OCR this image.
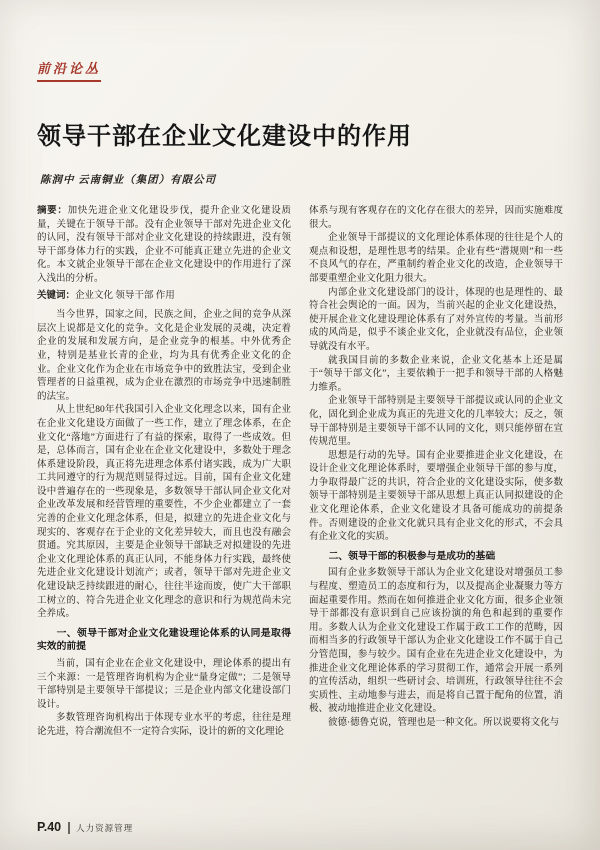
前沿论丛
领导干部在企业文化建设中的作用
陈润中 云南铜业（集团）有限公司

摘要：加快先进企业文化建设步伐，提升企业文化建设质量，关键在于领导干部。没有企业领导干部对先进企业文化的认同，没有领导干部对企业文化建设的持续跟进，没有领导干部身体力行的实践，企业不可能真正建立先进的企业文化。本文就企业领导干部在企业文化建设中的作用进行了深入浅出的分析。

关键词：企业文化 领导干部 作用

当今世界，国家之间，民族之间，企业之间的竞争从深层次上说都是文化的竞争。文化是企业发展的灵魂，决定着企业的发展和发展方向，是企业竞争的根基。中外优秀企业，特别是基业长青的企业，均为具有优秀企业文化的企业。企业文化作为企业在市场竞争中的致胜法宝，受到企业管理者的日益重视，成为企业在激烈的市场竞争中迅速制胜的法宝。

从上世纪80年代我国引入企业文化理念以来，国有企业在企业文化建设方面做了一些工作，建立了理念体系，在企业文化“落地”方面进行了有益的探索，取得了一些成效。但是，总体而言，国有企业在企业文化建设中，多数处于理念体系建设阶段，真正将先进理念体系付诸实践，成为广大职工共同遵守的行为规范则显得过远。目前，国有企业文化建设中普遍存在的一些现象是，多数领导干部认同企业文化对企业改革发展和经营管理的重要性，不少企业都建立了一套完善的企业文化理念体系，但是，拟建立的先进企业文化与现实的、客观存在于企业的文化差异较大，而且也没有融会贯通。究其原因，主要是企业领导干部缺乏对拟建设的先进企业文化理论体系的真正认同，不能身体力行实践，最终使先进企业文化建设计划流产；或者，领导干部对先进企业文化建设缺乏持续跟进的耐心，往往半途而废，使广大干部职工树立的、符合先进企业文化理念的意识和行为规范尚未完全养成。

一、领导干部对企业文化建设理论体系的认同是取得实效的前提

当前，国有企业在企业文化建设中，理论体系的提出有三个来源：一是管理咨询机构为企业“量身定做”；二是领导干部特别是主要领导干部提议；三是企业内部文化建设部门设计。

多数管理咨询机构出于体现专业水平的考虑，往往是理论先进，符合潮流但不一定符合实际，设计的新的文化理论

体系与现有客观存在的文化存在很大的差异，因而实施难度很大。

企业领导干部提议的文化理论体系体现的往往是个人的观点和设想，是理性思考的结果。企业有些“潜规则”和一些不良风气的存在，严重制约着企业文化的改造，企业领导干部要重塑企业文化阻力很大。

内部企业文化建设部门的设计，体现的也是理性的、最符合社会舆论的一面。因为，当前兴起的企业文化建设热，使开展企业文化建设理论体系有了对外宣传的考量。当前形成的风尚是，似乎不谈企业文化，企业就没有品位，企业领导就没有水平。

就我国目前的多数企业来说，企业文化基本上还是属于“领导干部文化”，主要依赖于一把手和领导干部的人格魅力维系。

企业领导干部特别是主要领导干部提议或认同的企业文化，固化到企业成为真正的先进文化的几率较大；反之，领导干部特别是主要领导干部不认同的文化，则只能停留在宣传规范里。

思想是行动的先导。国有企业要推进企业文化建设，在设计企业文化理论体系时，要增强企业领导干部的参与度，力争取得最广泛的共识，符合企业的文化建设实际，使多数领导干部特别是主要领导干部从思想上真正认同拟建设的企业文化理论体系，企业文化建设才具备可能成功的前提条件。否则建设的企业文化就只具有企业文化的形式，不会具有企业文化的实质。

二、领导干部的积极参与是成功的基础

国有企业多数领导干部认为企业文化建设对增强员工参与程度、塑造员工的态度和行为，以及提高企业凝聚力等方面起重要作用。然而在如何推进企业文化方面，很多企业领导干部都没有意识到自己应该扮演的角色和起到的重要作用。多数人认为企业文化建设工作属于政工工作的范畴，因而相当多的行政领导干部认为企业文化建设工作不属于自己分管范围，参与较少。国有企业在先进企业文化建设中，为推进企业文化理论体系的学习贯彻工作，通常会开展一系列的宣传活动，组织一些研讨会、培训班，行政领导往往不会实质性、主动地参与进去，而是将自己置于配角的位置，消极、被动地推进企业文化建设。

彼德·德鲁克说，管理也是一种文化。所以说要将文化与

P.40	人力资源管理
